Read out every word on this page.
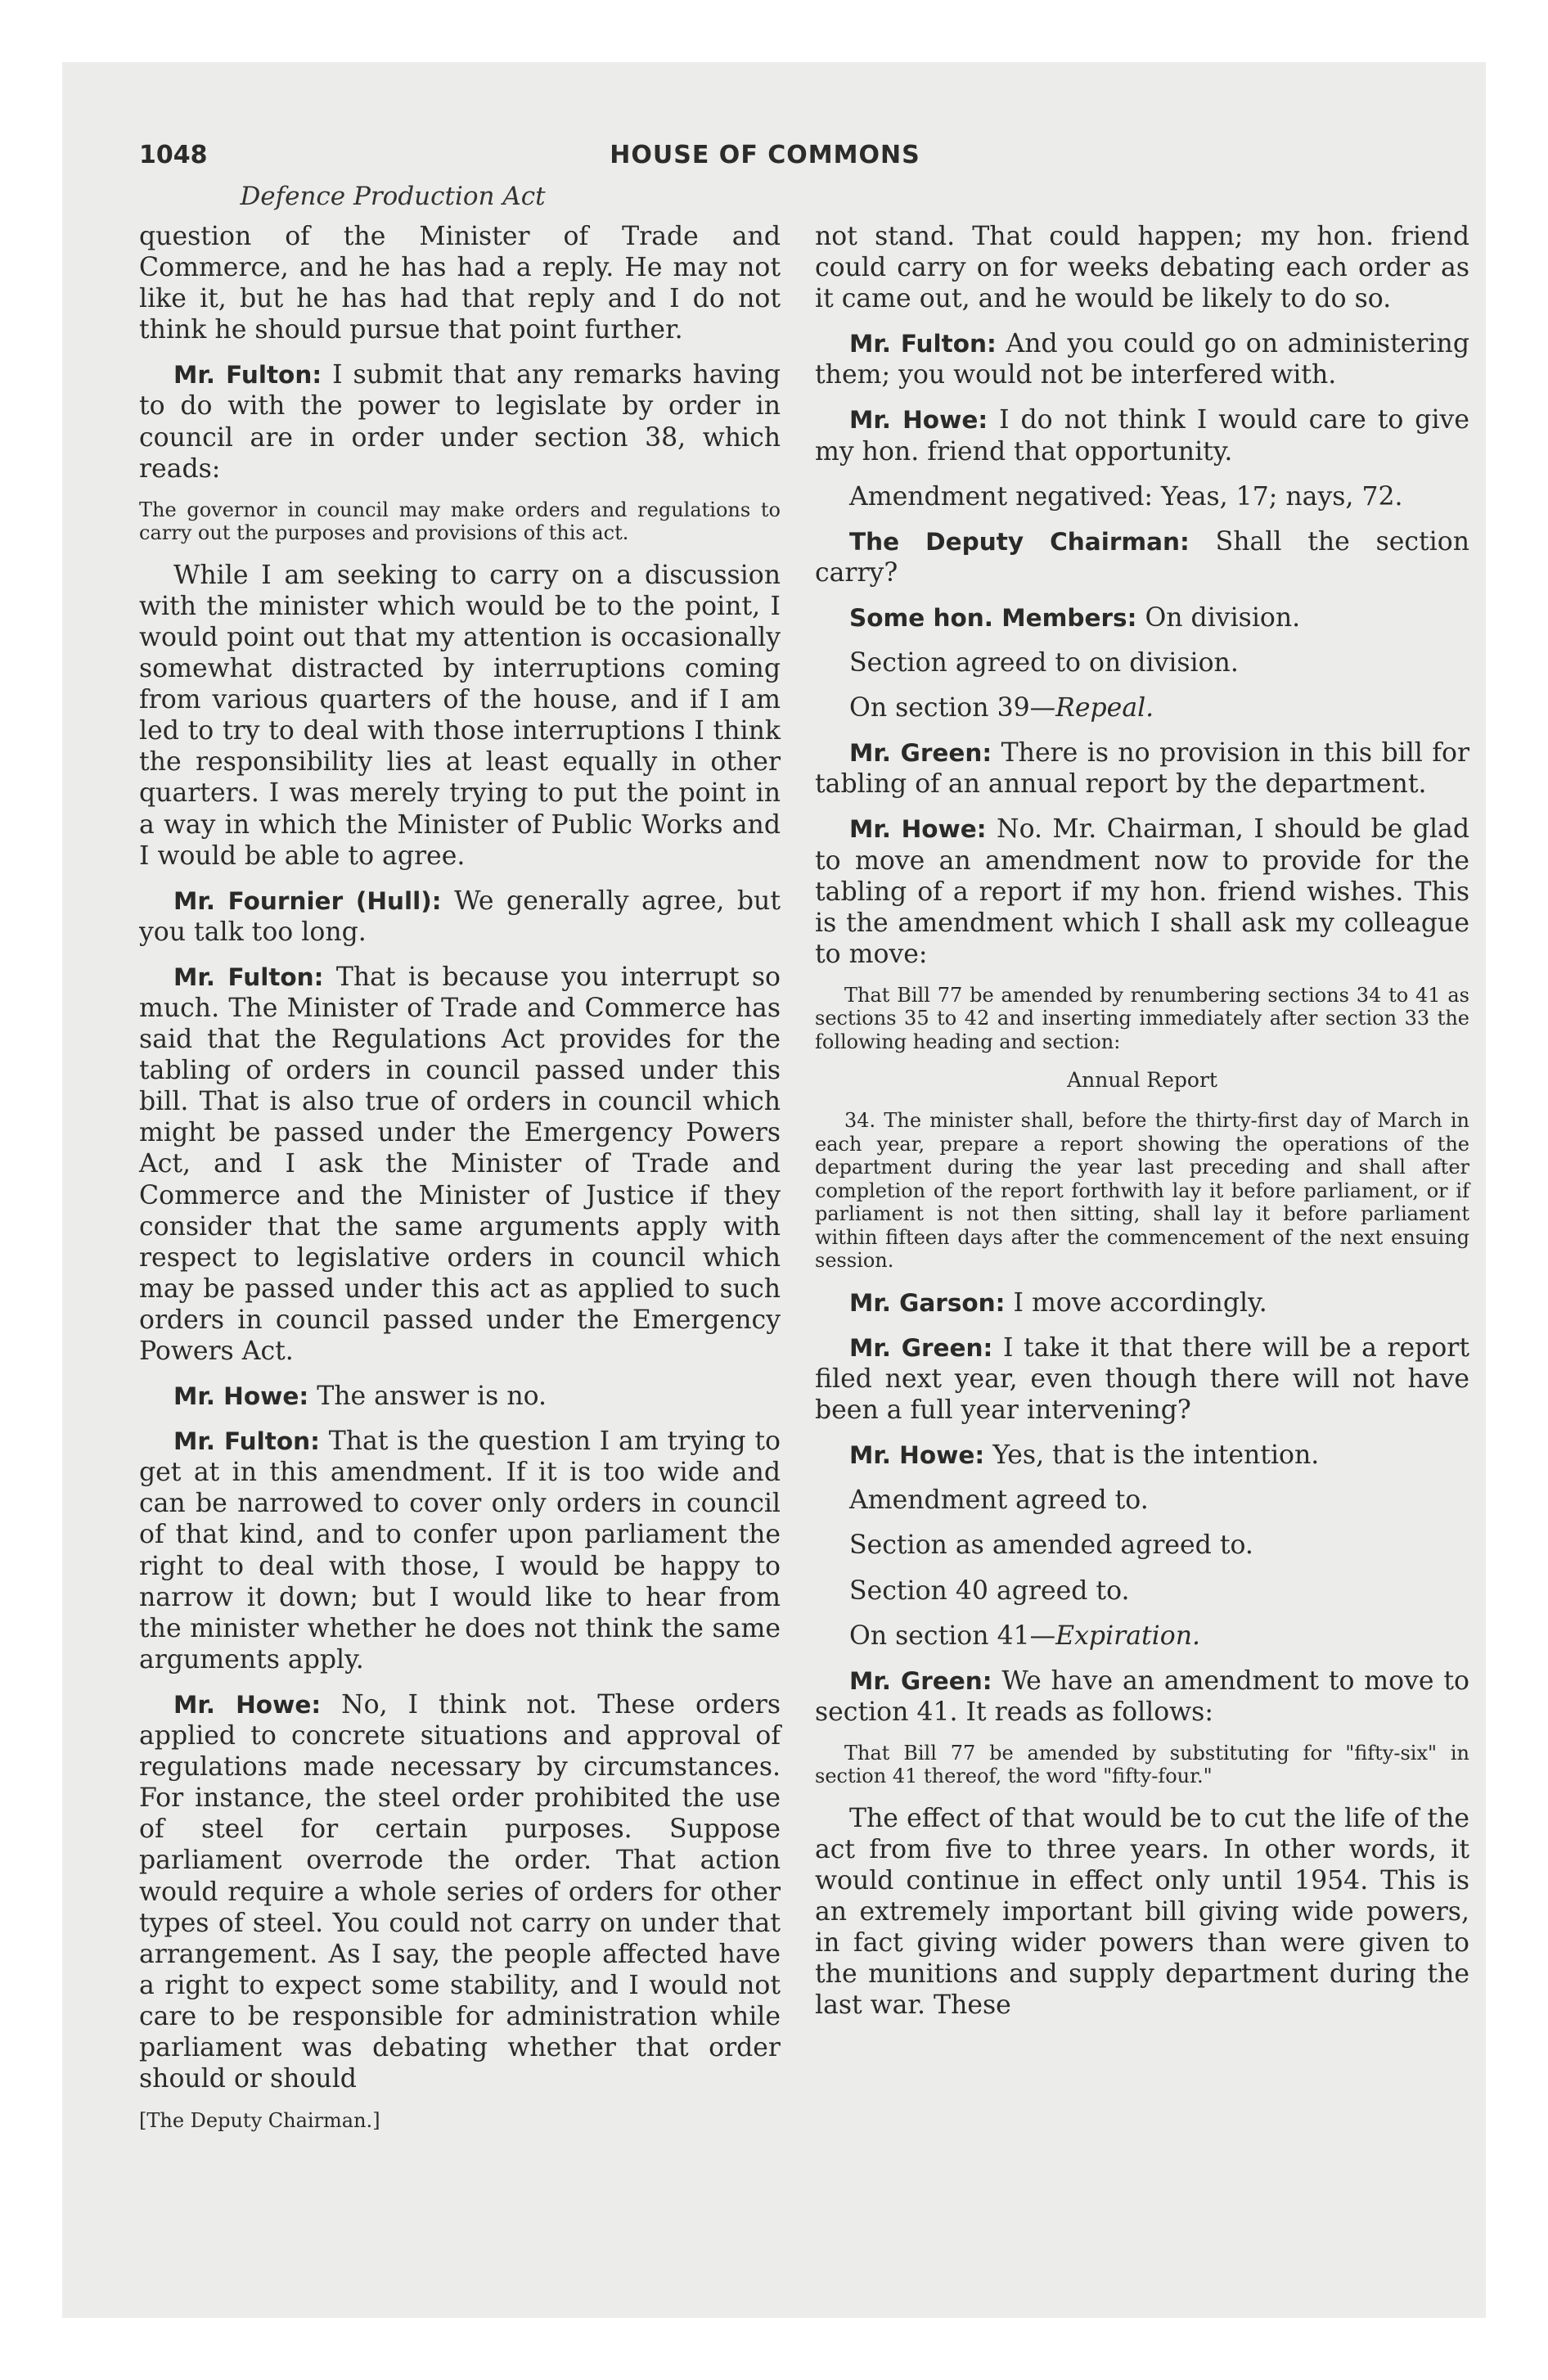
1048	HOUSE OF COMMONS
Defence Production Act

question of the Minister of Trade and Commerce, and he has had a reply. He may not like it, but he has had that reply and I do not think he should pursue that point further.

Mr. Fulton: I submit that any remarks having to do with the power to legislate by order in council are in order under section 38, which reads:

The governor in council may make orders and regulations to carry out the purposes and provisions of this act.

While I am seeking to carry on a discussion with the minister which would be to the point, I would point out that my attention is occasionally somewhat distracted by interruptions coming from various quarters of the house, and if I am led to try to deal with those interruptions I think the responsibility lies at least equally in other quarters. I was merely trying to put the point in a way in which the Minister of Public Works and I would be able to agree.

Mr. Fournier (Hull): We generally agree, but you talk too long.

Mr. Fulton: That is because you interrupt so much. The Minister of Trade and Commerce has said that the Regulations Act provides for the tabling of orders in council passed under this bill. That is also true of orders in council which might be passed under the Emergency Powers Act, and I ask the Minister of Trade and Commerce and the Minister of Justice if they consider that the same arguments apply with respect to legislative orders in council which may be passed under this act as applied to such orders in council passed under the Emergency Powers Act.

Mr. Howe: The answer is no.

Mr. Fulton: That is the question I am trying to get at in this amendment. If it is too wide and can be narrowed to cover only orders in council of that kind, and to confer upon parliament the right to deal with those, I would be happy to narrow it down; but I would like to hear from the minister whether he does not think the same arguments apply.

Mr. Howe: No, I think not. These orders applied to concrete situations and approval of regulations made necessary by circumstances. For instance, the steel order prohibited the use of steel for certain purposes. Suppose parliament overrode the order. That action would require a whole series of orders for other types of steel. You could not carry on under that arrangement. As I say, the people affected have a right to expect some stability, and I would not care to be responsible for administration while parliament was debating whether that order should or should

[The Deputy Chairman.]

not stand. That could happen; my hon. friend could carry on for weeks debating each order as it came out, and he would be likely to do so.

Mr. Fulton: And you could go on administering them; you would not be interfered with.

Mr. Howe: I do not think I would care to give my hon. friend that opportunity.

Amendment negatived: Yeas, 17; nays, 72.

The Deputy Chairman: Shall the section carry?

Some hon. Members: On division.

Section agreed to on division.

On section 39—Repeal.

Mr. Green: There is no provision in this bill for tabling of an annual report by the department.

Mr. Howe: No. Mr. Chairman, I should be glad to move an amendment now to provide for the tabling of a report if my hon. friend wishes. This is the amendment which I shall ask my colleague to move:

That Bill 77 be amended by renumbering sections 34 to 41 as sections 35 to 42 and inserting immediately after section 33 the following heading and section:

Annual Report

34. The minister shall, before the thirty-first day of March in each year, prepare a report showing the operations of the department during the year last preceding and shall after completion of the report forthwith lay it before parliament, or if parliament is not then sitting, shall lay it before parliament within fifteen days after the commencement of the next ensuing session.

Mr. Garson: I move accordingly.

Mr. Green: I take it that there will be a report filed next year, even though there will not have been a full year intervening?

Mr. Howe: Yes, that is the intention.

Amendment agreed to.

Section as amended agreed to.

Section 40 agreed to.

On section 41—Expiration.

Mr. Green: We have an amendment to move to section 41. It reads as follows:

That Bill 77 be amended by substituting for "fifty-six" in section 41 thereof, the word "fifty-four."

The effect of that would be to cut the life of the act from five to three years. In other words, it would continue in effect only until 1954. This is an extremely important bill giving wide powers, in fact giving wider powers than were given to the munitions and supply department during the last war. These
